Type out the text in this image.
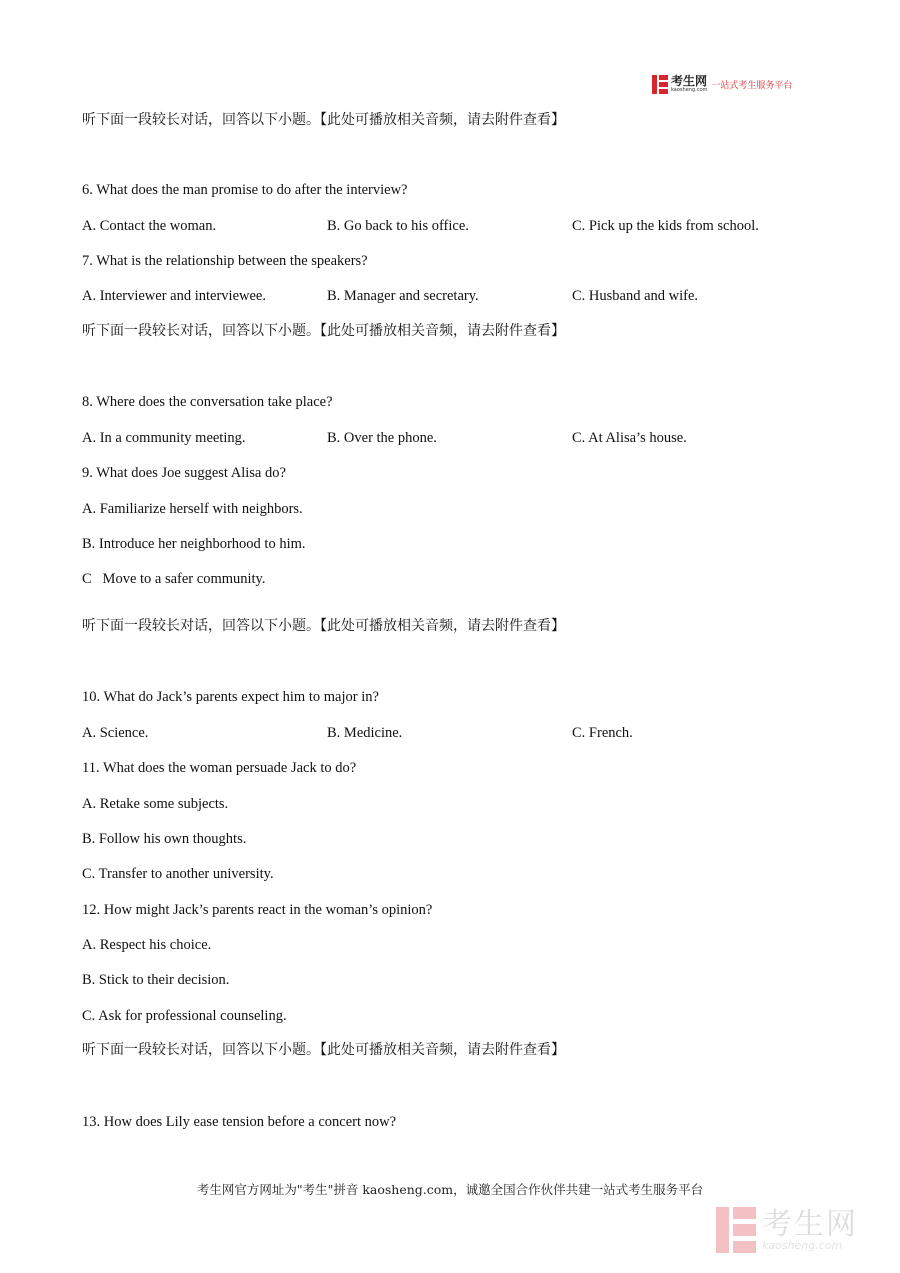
考生网
kaosheng.com 一站式考生服务平台
听下面一段较长对话，回答以下小题。【此处可播放相关音频，请去附件查看】
6. What does the man promise to do after the interview?
A. Contact the woman.	B. Go back to his office.	C. Pick up the kids from school.
7. What is the relationship between the speakers?
A. Interviewer and interviewee.	B. Manager and secretary.	C. Husband and wife.
听下面一段较长对话，回答以下小题。【此处可播放相关音频，请去附件查看】
8. Where does the conversation take place?
A. In a community meeting.	B. Over the phone.	C. At Alisa’s house.
9. What does Joe suggest Alisa do?
A. Familiarize herself with neighbors.
B. Introduce her neighborhood to him.
C   Move to a safer community.
听下面一段较长对话，回答以下小题。【此处可播放相关音频，请去附件查看】
10. What do Jack’s parents expect him to major in?
A. Science.	B. Medicine.	C. French.
11. What does the woman persuade Jack to do?
A. Retake some subjects.
B. Follow his own thoughts.
C. Transfer to another university.
12. How might Jack’s parents react in the woman’s opinion?
A. Respect his choice.
B. Stick to their decision.
C. Ask for professional counseling.
听下面一段较长对话，回答以下小题。【此处可播放相关音频，请去附件查看】
13. How does Lily ease tension before a concert now?
考生网官方网址为"考生"拼音 kaosheng.com，诚邀全国合作伙伴共建一站式考生服务平台
考生网
kaosheng.com
